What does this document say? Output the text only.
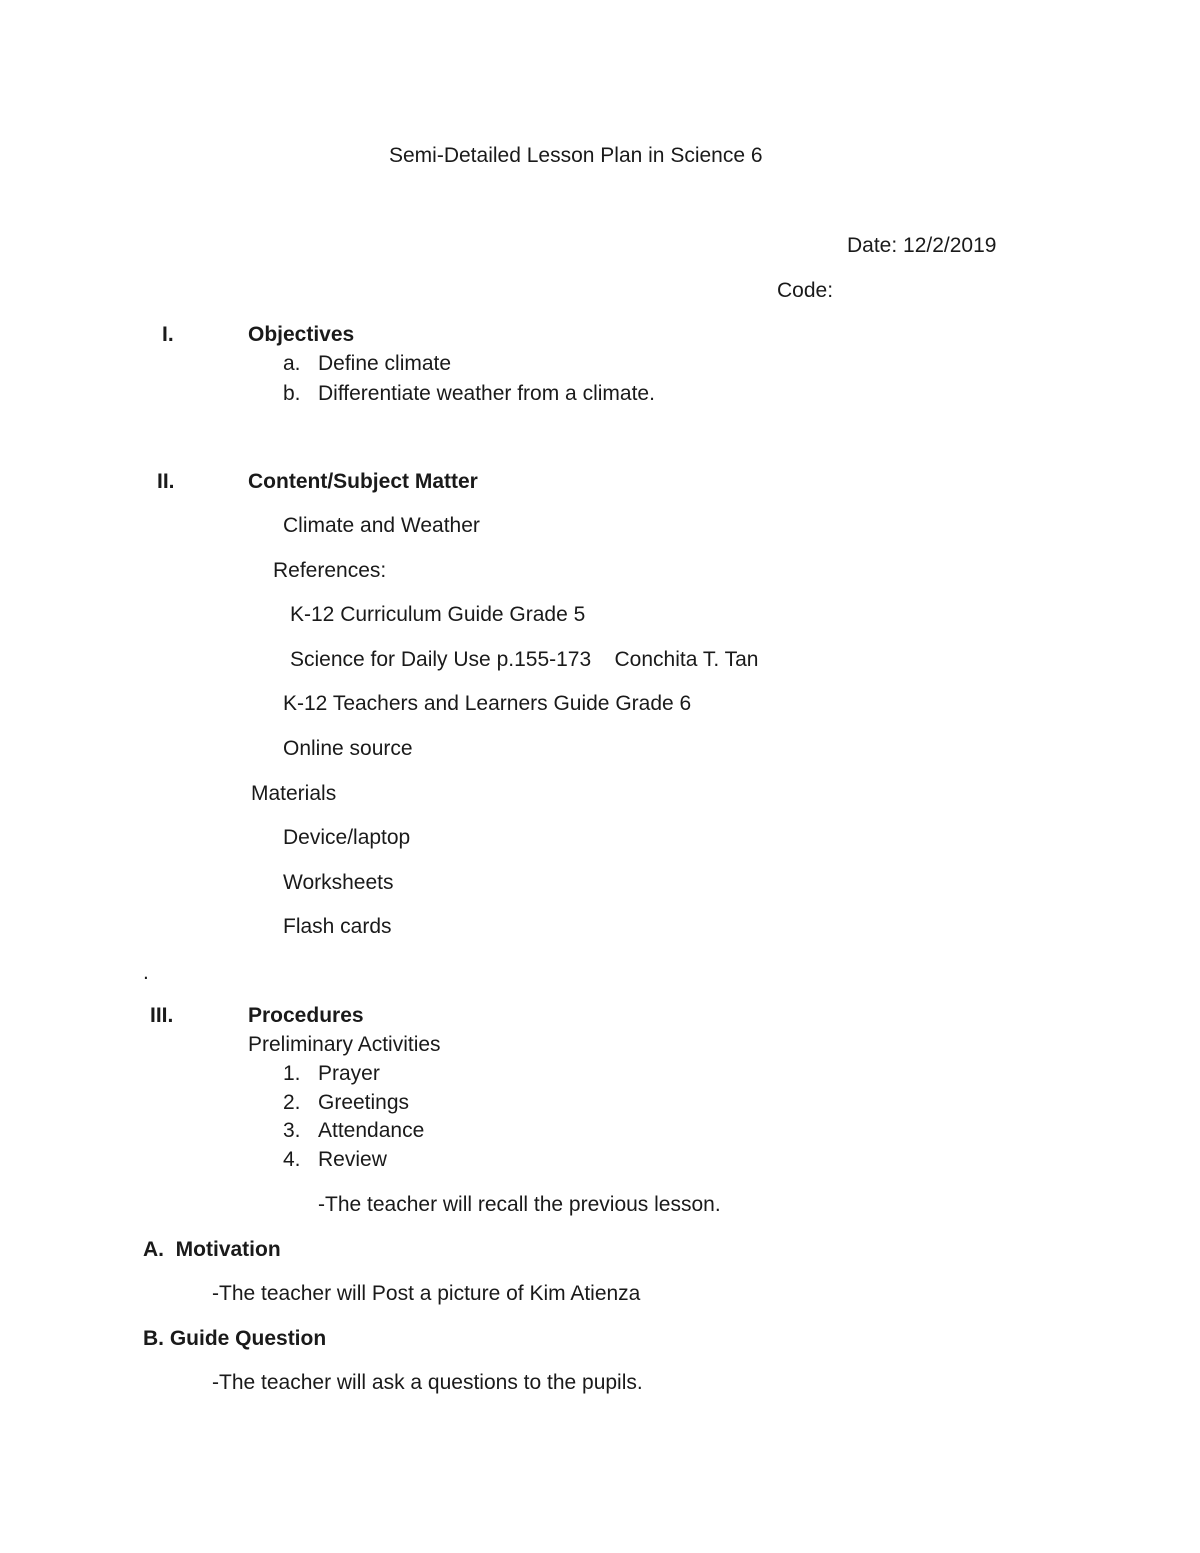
Semi-Detailed Lesson Plan in Science 6
Date: 12/2/2019
Code:
I.	Objectives
a. Define climate
b. Differentiate weather from a climate.
II.	Content/Subject Matter
Climate and Weather
References:
K-12 Curriculum Guide Grade 5
Science for Daily Use p.155-173    Conchita T. Tan
K-12 Teachers and Learners Guide Grade 6
Online source
Materials
Device/laptop
Worksheets
Flash cards
.
III.	Procedures
Preliminary Activities
1. Prayer
2. Greetings
3. Attendance
4. Review
-The teacher will recall the previous lesson.
A.  Motivation
-The teacher will Post a picture of Kim Atienza
B. Guide Question
-The teacher will ask a questions to the pupils.
